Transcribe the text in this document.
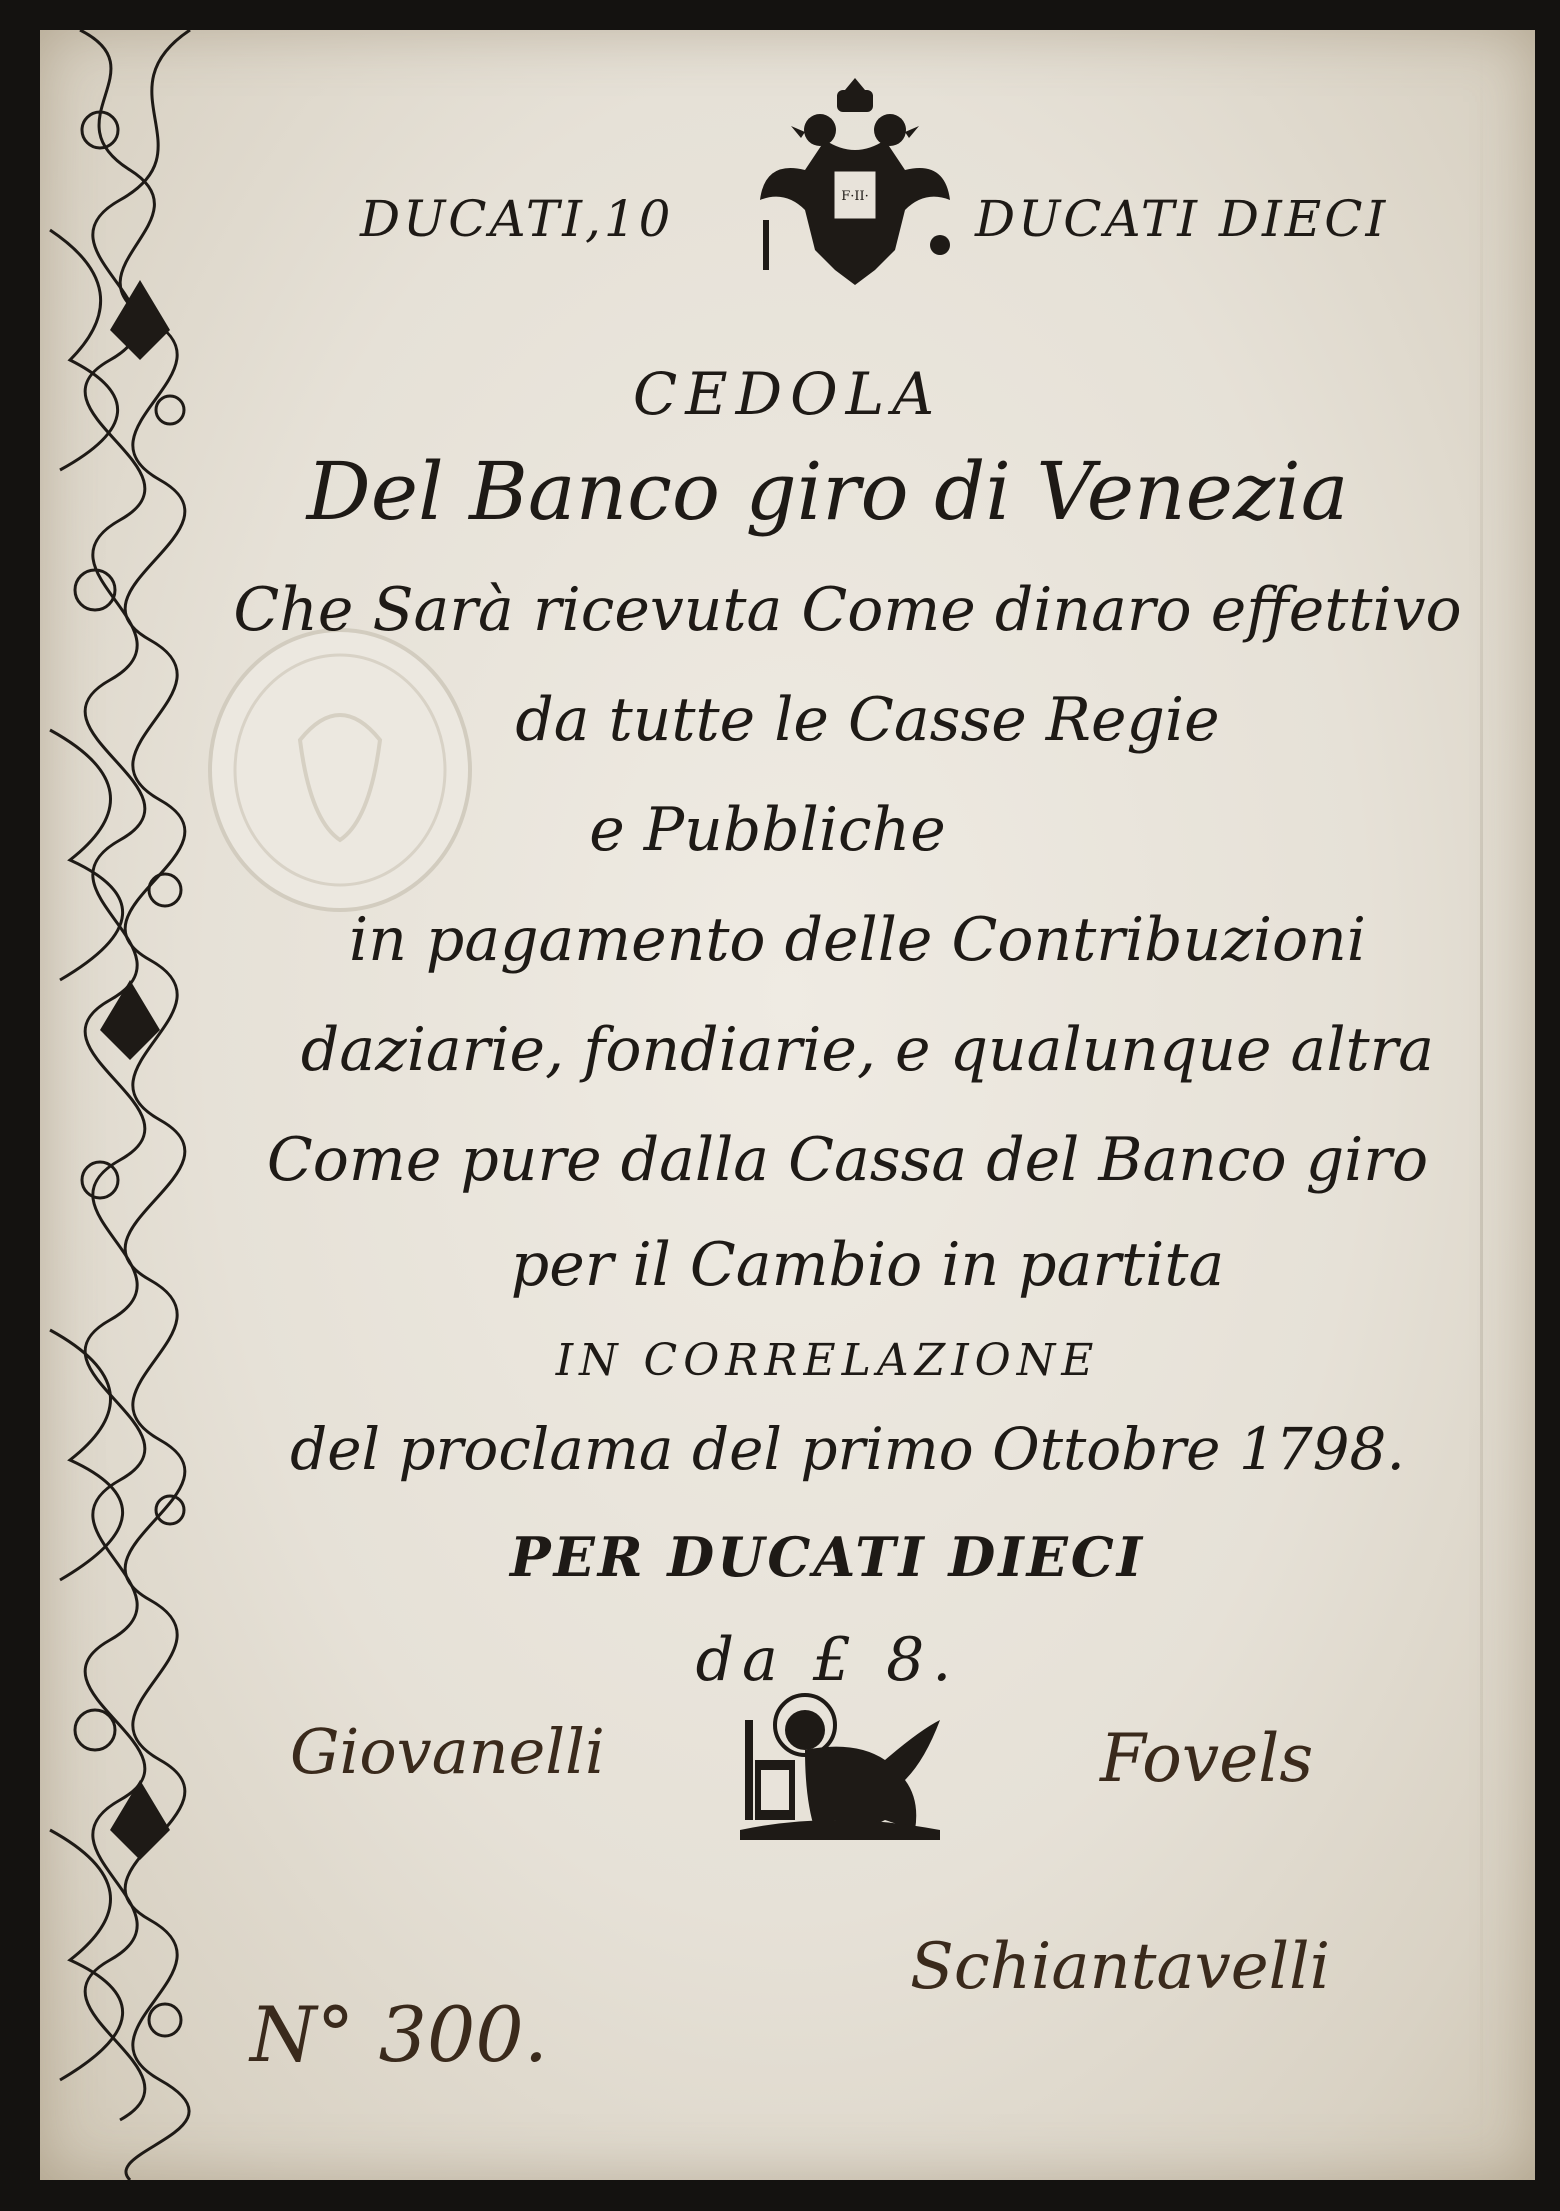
DUCATI,10	DUCATI DIECI
F·II·
CEDOLA
Del Banco giro di Venezia
Che Sarà ricevuta Come dinaro effettivo
da tutte le Casse Regie
e Pubbliche
in pagamento delle Contribuzioni
daziarie, fondiarie, e qualunque altra
Come pure dalla Cassa del Banco giro
per il Cambio in partita
IN CORRELAZIONE
del proclama del primo Ottobre 1798.
PER DUCATI DIECI
da £ 8.
Giovanelli	Fovels
Schiantavelli
N° 300.
